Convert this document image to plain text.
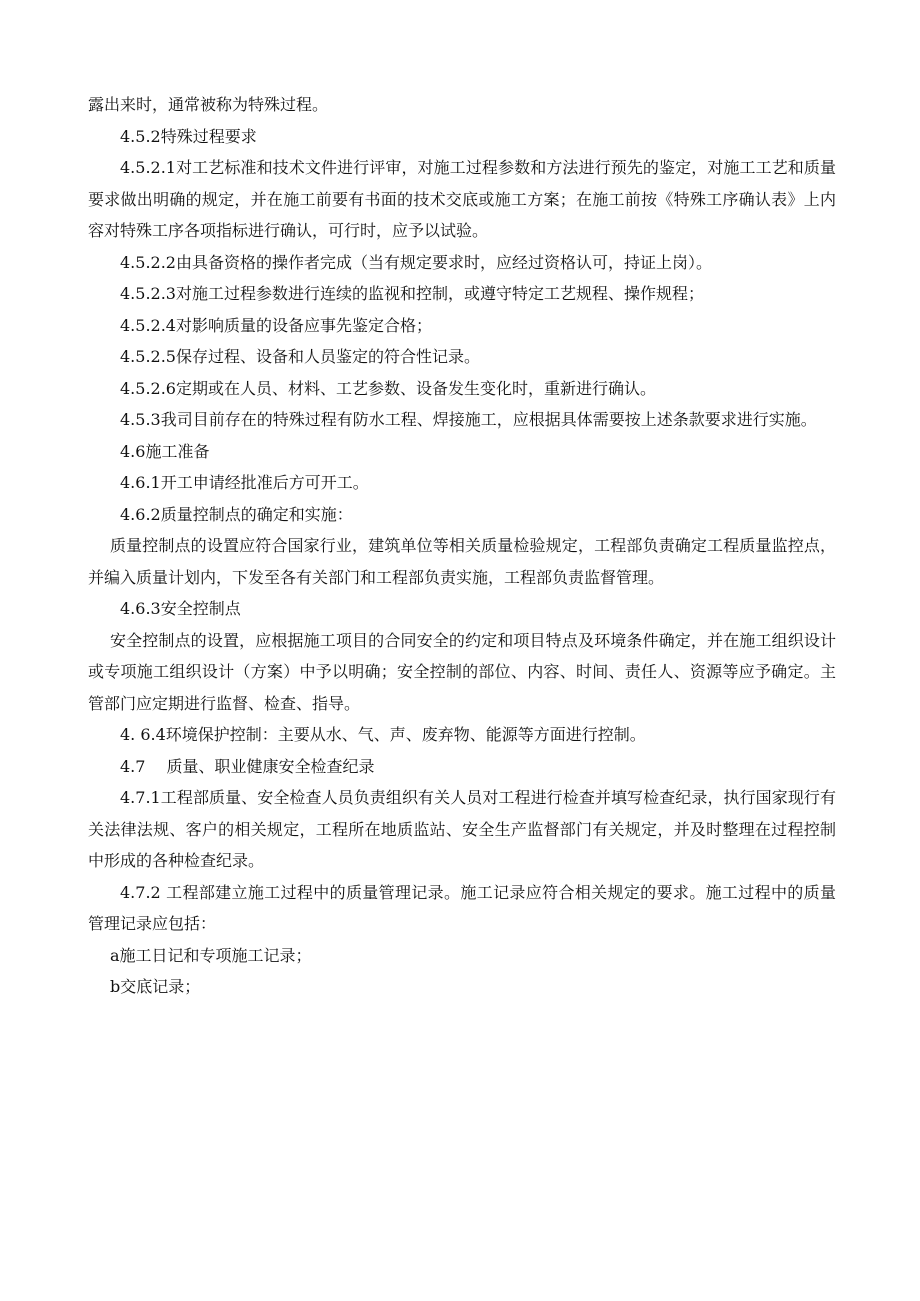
露出来时，通常被称为特殊过程。

4.5.2特殊过程要求

4.5.2.1对工艺标准和技术文件进行评审，对施工过程参数和方法进行预先的鉴定，对施工工艺和质量要求做出明确的规定，并在施工前要有书面的技术交底或施工方案；在施工前按《特殊工序确认表》上内容对特殊工序各项指标进行确认，可行时，应予以试验。

4.5.2.2由具备资格的操作者完成（当有规定要求时，应经过资格认可，持证上岗）。

4.5.2.3对施工过程参数进行连续的监视和控制，或遵守特定工艺规程、操作规程；

4.5.2.4对影响质量的设备应事先鉴定合格；

4.5.2.5保存过程、设备和人员鉴定的符合性记录。

4.5.2.6定期或在人员、材料、工艺参数、设备发生变化时，重新进行确认。

4.5.3我司目前存在的特殊过程有防水工程、焊接施工，应根据具体需要按上述条款要求进行实施。

4.6施工准备

4.6.1开工申请经批准后方可开工。

4.6.2质量控制点的确定和实施：

质量控制点的设置应符合国家行业，建筑单位等相关质量检验规定，工程部负责确定工程质量监控点，并编入质量计划内，下发至各有关部门和工程部负责实施，工程部负责监督管理。

4.6.3安全控制点

安全控制点的设置，应根据施工项目的合同安全的约定和项目特点及环境条件确定，并在施工组织设计或专项施工组织设计（方案）中予以明确；安全控制的部位、内容、时间、责任人、资源等应予确定。主管部门应定期进行监督、检查、指导。

4. 6.4环境保护控制：主要从水、气、声、废弃物、能源等方面进行控制。

4.7　 质量、职业健康安全检查纪录

4.7.1工程部质量、安全检查人员负责组织有关人员对工程进行检查并填写检查纪录，执行国家现行有关法律法规、客户的相关规定，工程所在地质监站、安全生产监督部门有关规定，并及时整理在过程控制中形成的各种检查纪录。

4.7.2 工程部建立施工过程中的质量管理记录。施工记录应符合相关规定的要求。施工过程中的质量管理记录应包括：

a施工日记和专项施工记录；

b交底记录；
